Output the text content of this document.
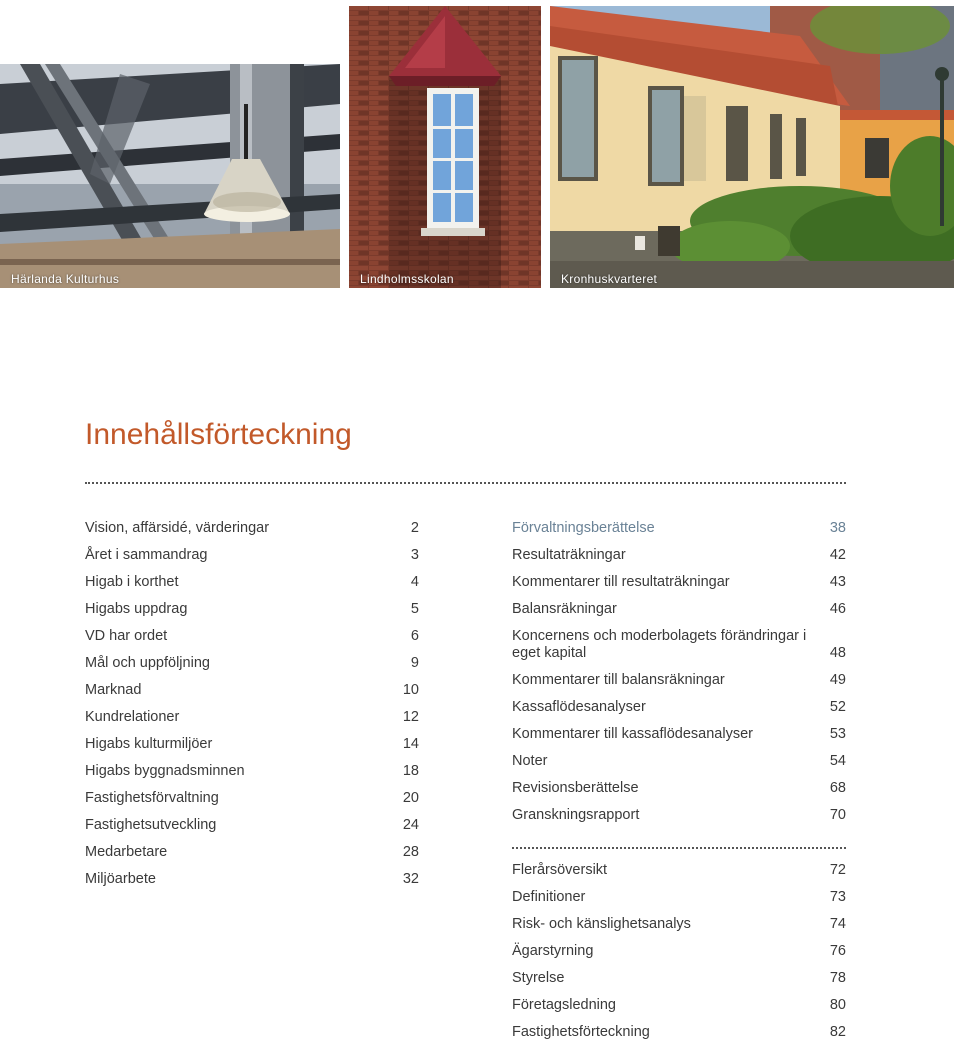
Härlanda Kulturhus	Lindholmsskolan	Kronhuskvarteret
Innehållsförteckning
Vision, affärsidé, värderingar	2
Året i sammandrag	3
Higab i korthet	4
Higabs uppdrag	5
VD har ordet	6
Mål och uppföljning	9
Marknad	10
Kundrelationer	12
Higabs kulturmiljöer	14
Higabs byggnadsminnen	18
Fastighetsförvaltning	20
Fastighetsutveckling	24
Medarbetare	28
Miljöarbete	32
Förvaltningsberättelse	38
Resultaträkningar	42
Kommentarer till resultaträkningar	43
Balansräkningar	46
Koncernens och moderbolagets förändringar i eget kapital	48
Kommentarer till balansräkningar	49
Kassaflödesanalyser	52
Kommentarer till kassaflödesanalyser	53
Noter	54
Revisionsberättelse	68
Granskningsrapport	70
Flerårsöversikt	72
Definitioner	73
Risk- och känslighetsanalys	74
Ägarstyrning	76
Styrelse	78
Företagsledning	80
Fastighetsförteckning	82
